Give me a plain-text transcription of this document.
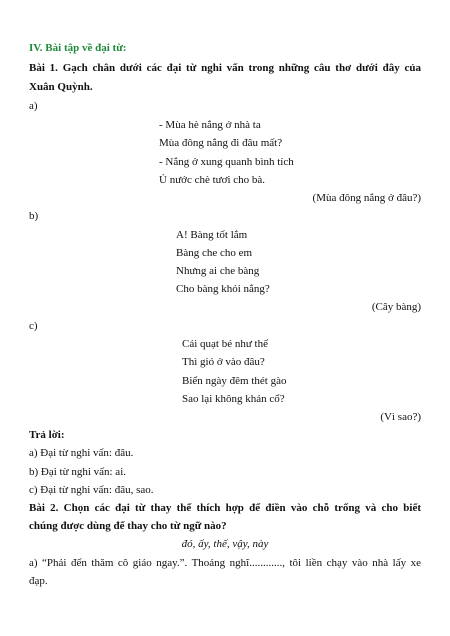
IV. Bài tập về đại từ:
Bài 1. Gạch chân dưới các đại từ nghi vấn trong những câu thơ dưới đây của
Xuân Quỳnh.
a)
- Mùa hè nắng ở nhà ta
Mùa đông nắng đi đâu mất?
- Nắng ở xung quanh bình tích
Ủ nước chè tươi cho bà.
(Mùa đông nắng ở đâu?)
b)
A! Bàng tốt lắm
Bàng che cho em
Nhưng ai che bàng
Cho bàng khỏi nắng?
(Cây bàng)
c)
Cái quạt bé như thế
Thì gió ở vào đâu?
Biển ngày đêm thét gào
Sao lại không khản cổ?
(Vì sao?)
Trả lời:
a) Đại từ nghi vấn: đâu.
b) Đại từ nghi vấn: ai.
c) Đại từ nghi vấn: đâu, sao.
Bài 2. Chọn các đại từ thay thế thích hợp để điền vào chỗ trống và cho biết
chúng được dùng để thay cho từ ngữ nào?
đó, ấy, thế, vậy, này
a) “Phải đến thăm cô giáo ngay.”. Thoáng nghĩ............, tôi liền chạy vào nhà lấy xe
đạp.
